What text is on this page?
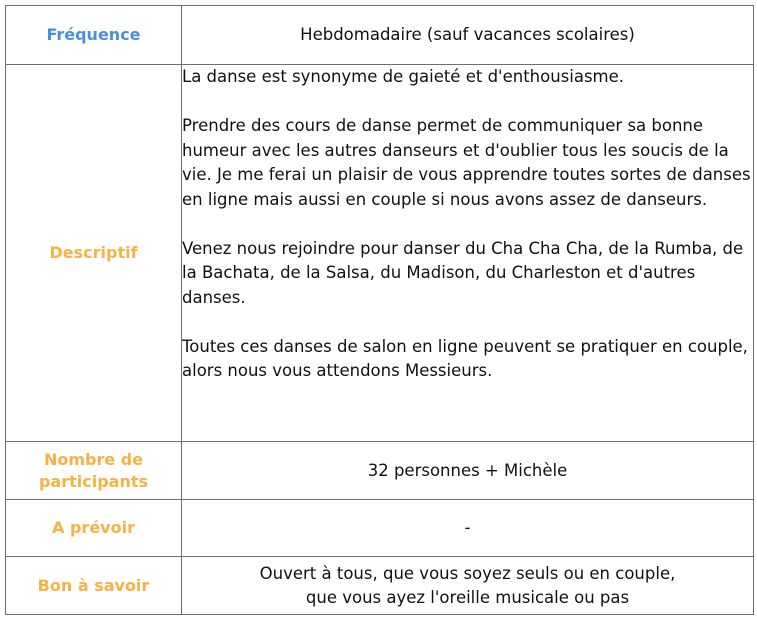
Fréquence	Hebdomadaire (sauf vacances scolaires)
Descriptif	La danse est synonyme de gaieté et d'enthousiasme.

Prendre des cours de danse permet de communiquer sa bonne humeur avec les autres danseurs et d'oublier tous les soucis de la vie. Je me ferai un plaisir de vous apprendre toutes sortes de danses en ligne mais aussi en couple si nous avons assez de danseurs.

Venez nous rejoindre pour danser du Cha Cha Cha, de la Rumba, de la Bachata, de la Salsa, du Madison, du Charleston et d'autres danses.

Toutes ces danses de salon en ligne peuvent se pratiquer en couple, alors nous vous attendons Messieurs.

Nombre de
participants	32 personnes + Michèle
A prévoir	-
Bon à savoir	Ouvert à tous, que vous soyez seuls ou en couple,
que vous ayez l'oreille musicale ou pas
